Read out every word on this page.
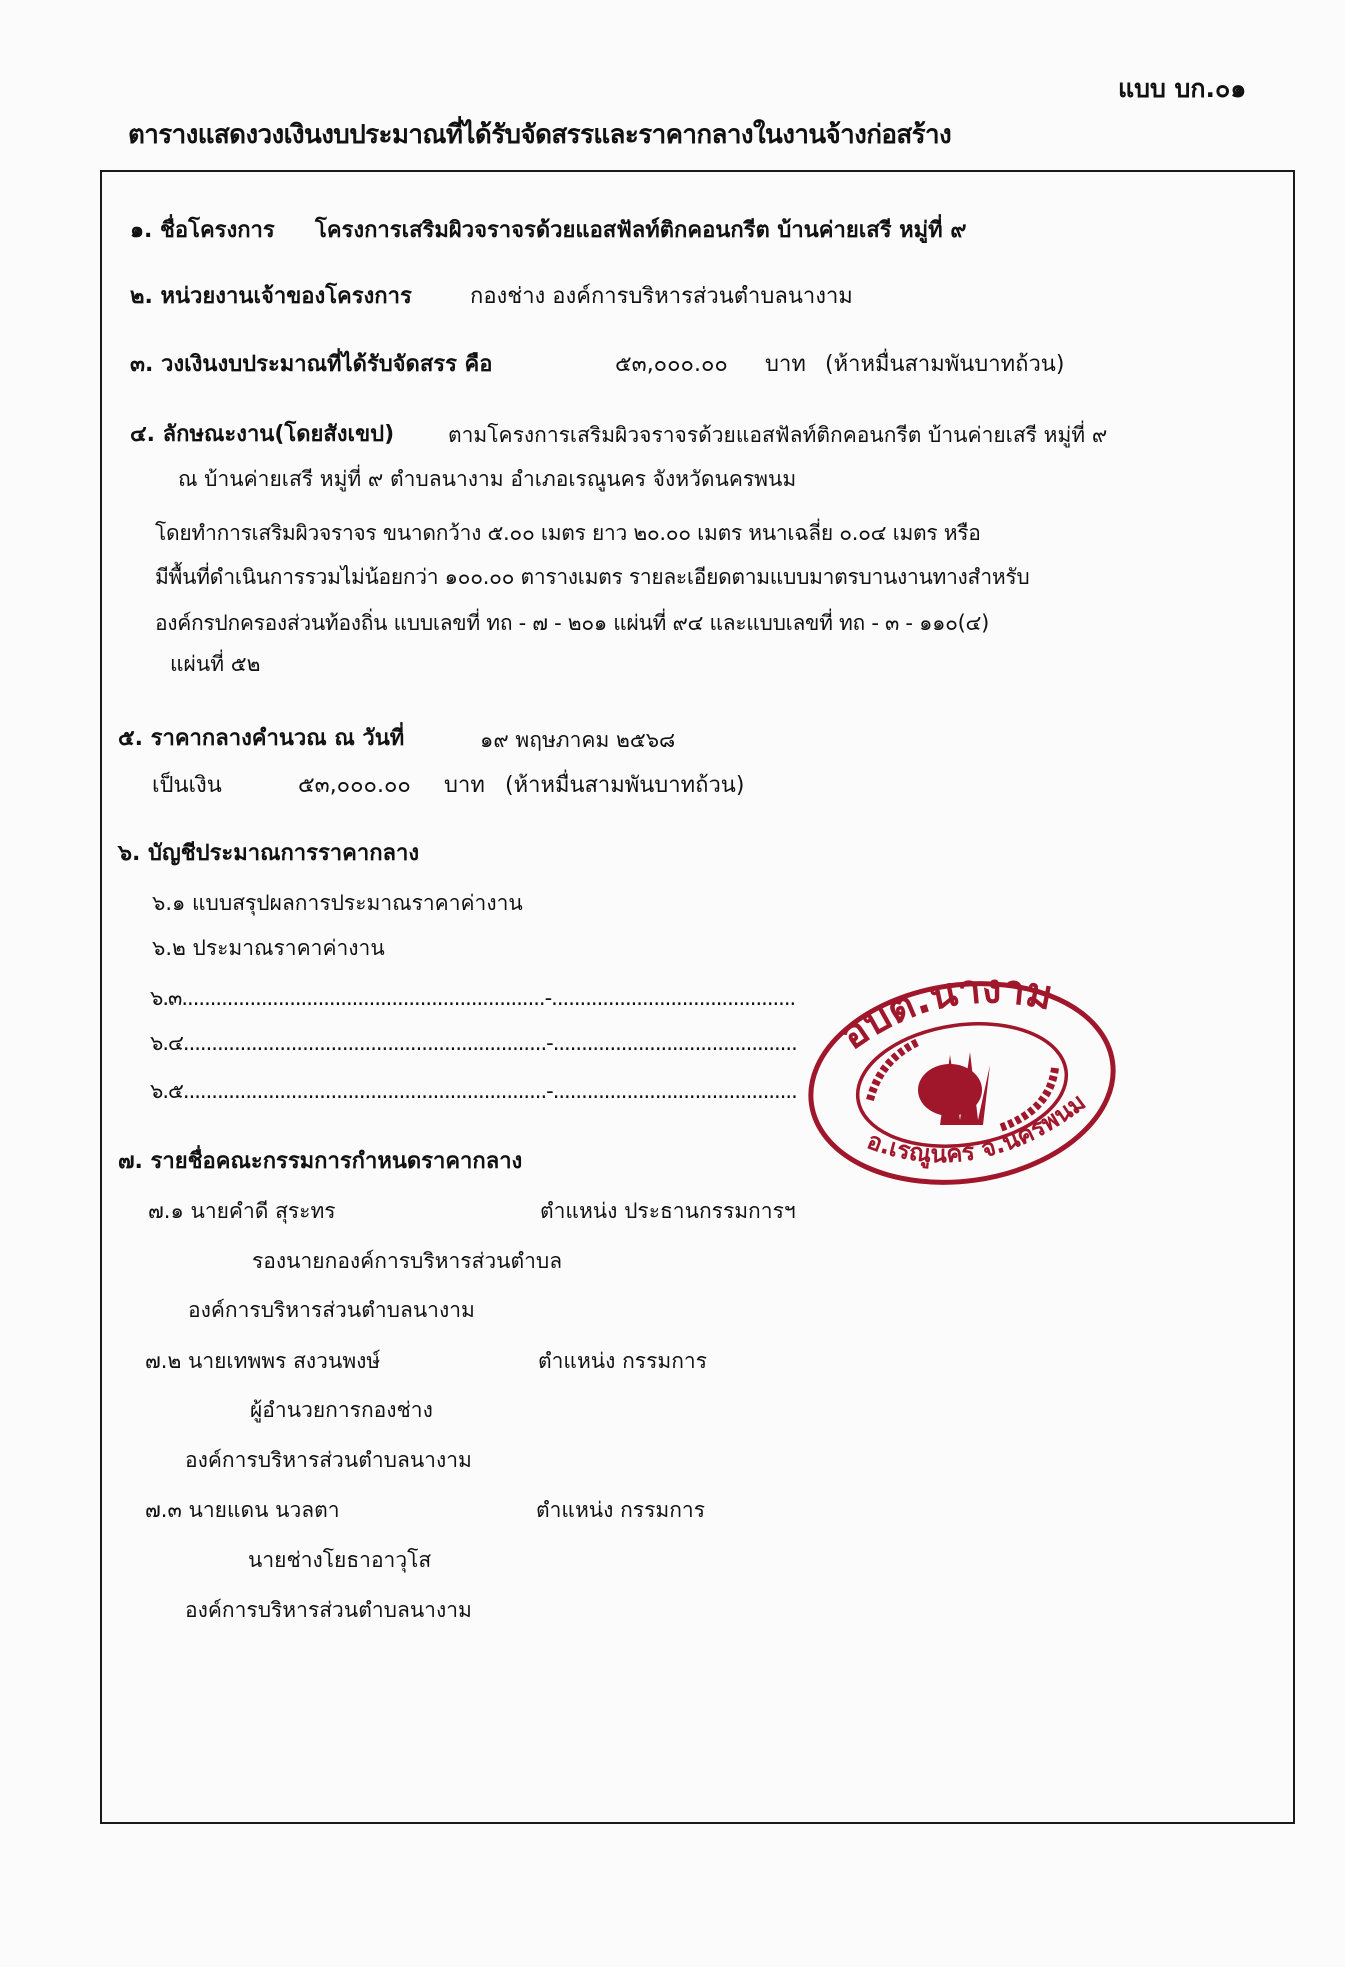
แบบ บก.๐๑
ตารางแสดงวงเงินงบประมาณที่ได้รับจัดสรรและราคากลางในงานจ้างก่อสร้าง
๑. ชื่อโครงการ โครงการเสริมผิวจราจรด้วยแอสฟัลท์ติกคอนกรีต บ้านค่ายเสรี หมู่ที่ ๙
๒. หน่วยงานเจ้าของโครงการ	กองช่าง องค์การบริหารส่วนตำบลนางาม
๓. วงเงินงบประมาณที่ได้รับจัดสรร คือ	๕๓,๐๐๐.๐๐ บาท (ห้าหมื่นสามพันบาทถ้วน)
๔. ลักษณะงาน(โดยสังเขป)	ตามโครงการเสริมผิวจราจรด้วยแอสฟัลท์ติกคอนกรีต บ้านค่ายเสรี หมู่ที่ ๙
ณ บ้านค่ายเสรี หมู่ที่ ๙ ตำบลนางาม อำเภอเรณูนคร จังหวัดนครพนม
โดยทำการเสริมผิวจราจร ขนาดกว้าง ๕.๐๐ เมตร ยาว ๒๐.๐๐ เมตร หนาเฉลี่ย ๐.๐๔ เมตร หรือ
มีพื้นที่ดำเนินการรวมไม่น้อยกว่า ๑๐๐.๐๐ ตารางเมตร รายละเอียดตามแบบมาตรบานงานทางสำหรับ
องค์กรปกครองส่วนท้องถิ่น แบบเลขที่ ทถ - ๗ - ๒๐๑ แผ่นที่ ๙๔ และแบบเลขที่ ทถ - ๓ - ๑๑๐(๔)
แผ่นที่ ๕๒
๕. ราคากลางคำนวณ ณ วันที่	๑๙ พฤษภาคม ๒๕๖๘
เป็นเงิน	๕๓,๐๐๐.๐๐ บาท (ห้าหมื่นสามพันบาทถ้วน)
๖. บัญชีประมาณการราคากลาง
๖.๑ แบบสรุปผลการประมาณราคาค่างาน
๖.๒ ประมาณราคาค่างาน
๖.๓................................................................-...........................................
๖.๔................................................................-...........................................
๖.๕................................................................-...........................................
๗. รายชื่อคณะกรรมการกำหนดราคากลาง
๗.๑ นายคำดี สุระทร	ตำแหน่ง ประธานกรรมการฯ
รองนายกองค์การบริหารส่วนตำบล
องค์การบริหารส่วนตำบลนางาม
๗.๒ นายเทพพร สงวนพงษ์	ตำแหน่ง กรรมการ
ผู้อำนวยการกองช่าง
องค์การบริหารส่วนตำบลนางาม
๗.๓ นายแดน นวลตา	ตำแหน่ง กรรมการ
นายช่างโยธาอาวุโส
องค์การบริหารส่วนตำบลนางาม
อบต.นางาม
อ.เรณูนคร จ.นครพนม
